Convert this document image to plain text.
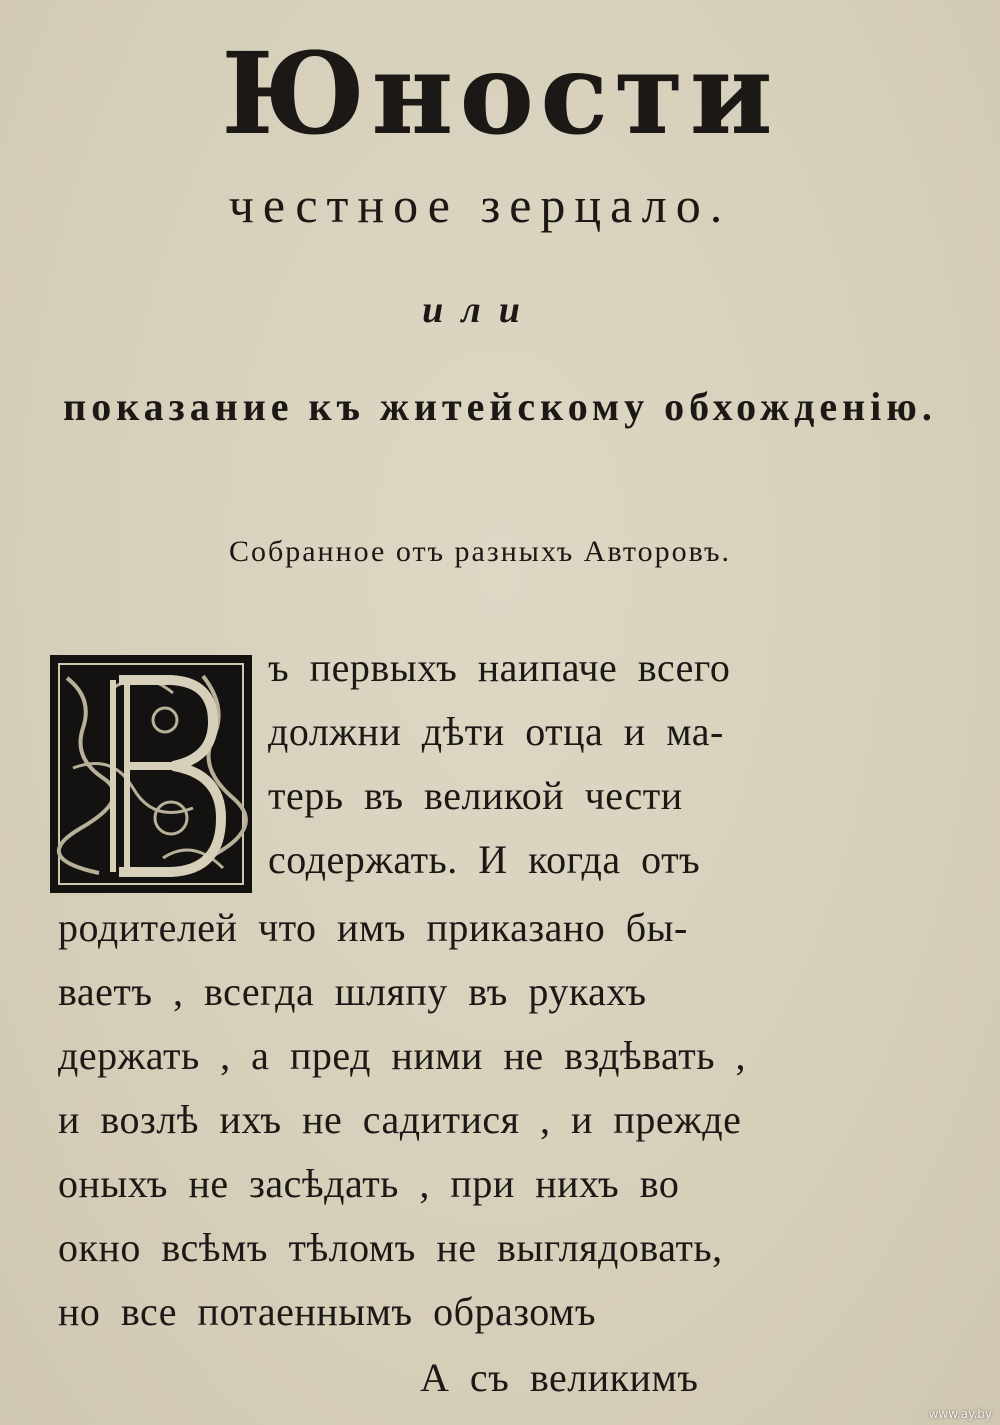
Юности
честное зерцало.
или
показание къ житейскому обхожденію.
Собранное отъ разныхъ Авторовъ.
ъ первыхъ наипаче всего
должни дѣти отца и ма-
терь въ великой чести
содержать. И когда отъ
родителей что имъ приказано бы-
ваетъ , всегда шляпу въ рукахъ
держать , а пред ними не вздѣвать ,
и возлѣ ихъ не садитися , и прежде
оныхъ не засѣдать , при нихъ во
окно всѣмъ тѣломъ не выглядовать,
но все потаеннымъ образомъ
А съ великимъ
www.ay.by
